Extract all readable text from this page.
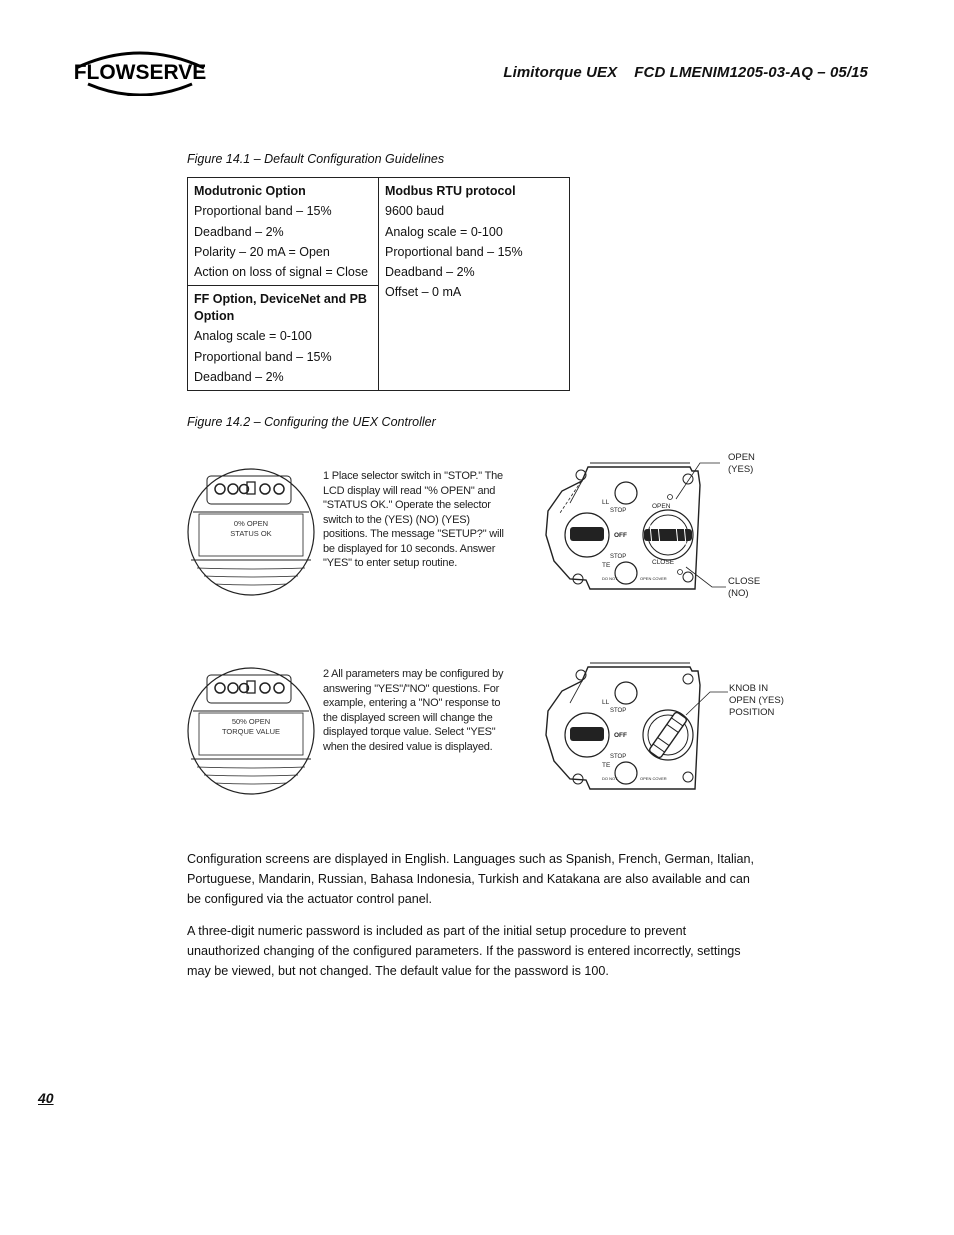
FLOWSERVE	Limitorque UEX    FCD LMENIM1205-03-AQ – 05/15
Figure 14.1 – Default Configuration Guidelines
Modutronic Option
Proportional band – 15%
Deadband – 2%
Polarity – 20 mA = Open
Action on loss of signal = Close

Modbus RTU protocol
9600 baud
Analog scale = 0-100
Proportional band – 15%
Deadband – 2%
Offset – 0 mA

FF Option, DeviceNet and PB Option
Analog scale = 0-100
Proportional band – 15%
Deadband – 2%
Figure 14.2 – Configuring the UEX Controller
0% OPEN
STATUS OK
1 Place selector switch in "STOP." The LCD display will read "% OPEN" and "STATUS OK." Operate the selector switch to the (YES) (NO) (YES) positions. The message "SETUP?" will be displayed for 10 seconds. Answer "YES" to enter setup routine.
LL
STOP
OFF
STOP
TE
OPEN
CLOSE
DO NOT	OPEN COVER
OPEN
(YES)
CLOSE
(NO)
50% OPEN
TORQUE VALUE
2 All parameters may be configured by answering "YES"/"NO" questions. For example, entering a "NO" response to the displayed screen will change the displayed torque value. Select "YES" when the desired value is displayed.
LL
STOP
OFF
STOP
TE
DO NOT	OPEN COVER
KNOB IN
OPEN (YES)
POSITION
Configuration screens are displayed in English. Languages such as Spanish, French, German, Italian, Portuguese, Mandarin, Russian, Bahasa Indonesia, Turkish and Katakana are also available and can be configured via the actuator control panel.
A three-digit numeric password is included as part of the initial setup procedure to prevent unauthorized changing of the configured parameters. If the password is entered incorrectly, settings may be viewed, but not changed. The default value for the password is 100.
40
